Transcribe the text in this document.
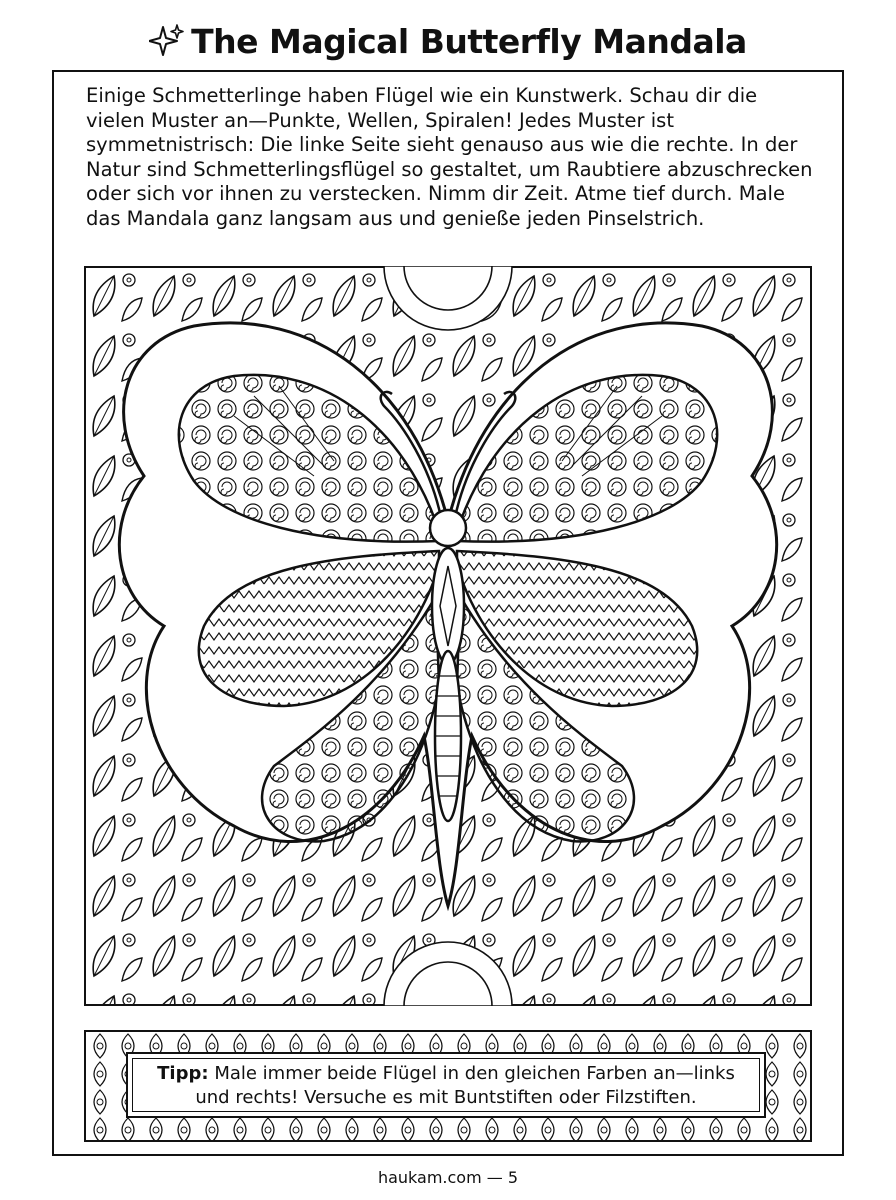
The Magical Butterfly Mandala
Einige Schmetterlinge haben Flügel wie ein Kunstwerk. Schau dir die vielen Muster an—Punkte, Wellen, Spiralen! Jedes Muster ist symmetnistrisch: Die linke Seite sieht genauso aus wie die rechte. In der Natur sind Schmetterlingsflügel so gestaltet, um Raubtiere abzuschrecken oder sich vor ihnen zu verstecken. Nimm dir Zeit. Atme tief durch. Male das Mandala ganz langsam aus und genieße jeden Pinselstrich.
Tipp: Male immer beide Flügel in den gleichen Farben an—links
und rechts! Versuche es mit Buntstiften oder Filzstiften.
haukam.com — 5
